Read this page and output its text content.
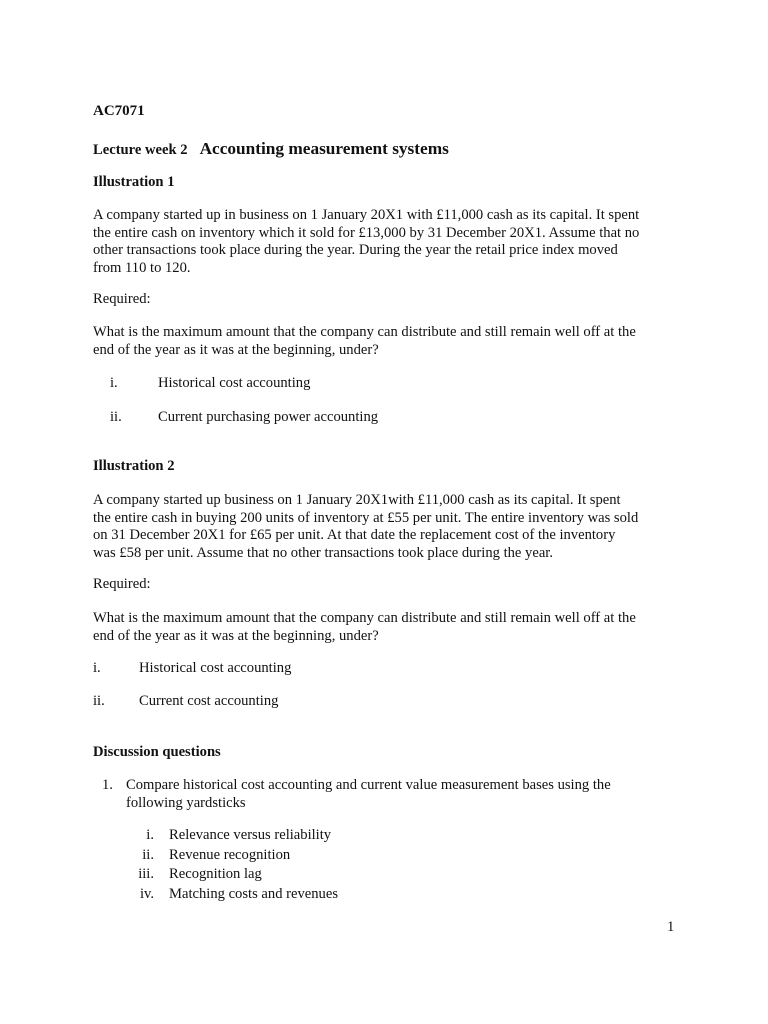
AC7071
Lecture week 2 Accounting measurement systems
Illustration 1
A company started up in business on 1 January 20X1 with £11,000 cash as its capital. It spent
the entire cash on inventory which it sold for £13,000 by 31 December 20X1. Assume that no
other transactions took place during the year. During the year the retail price index moved
from 110 to 120.
Required:
What is the maximum amount that the company can distribute and still remain well off at the
end of the year as it was at the beginning, under?
i.	Historical cost accounting
ii. Current purchasing power accounting
Illustration 2
A company started up business on 1 January 20X1with £11,000 cash as its capital. It spent
the entire cash in buying 200 units of inventory at £55 per unit. The entire inventory was sold
on 31 December 20X1 for £65 per unit. At that date the replacement cost of the inventory
was £58 per unit. Assume that no other transactions took place during the year.
Required:
What is the maximum amount that the company can distribute and still remain well off at the
end of the year as it was at the beginning, under?
i.	Historical cost accounting
ii. Current cost accounting
Discussion questions
1. Compare historical cost accounting and current value measurement bases using the
following yardsticks
i. Relevance versus reliability
ii. Revenue recognition
iii. Recognition lag
iv. Matching costs and revenues
1
